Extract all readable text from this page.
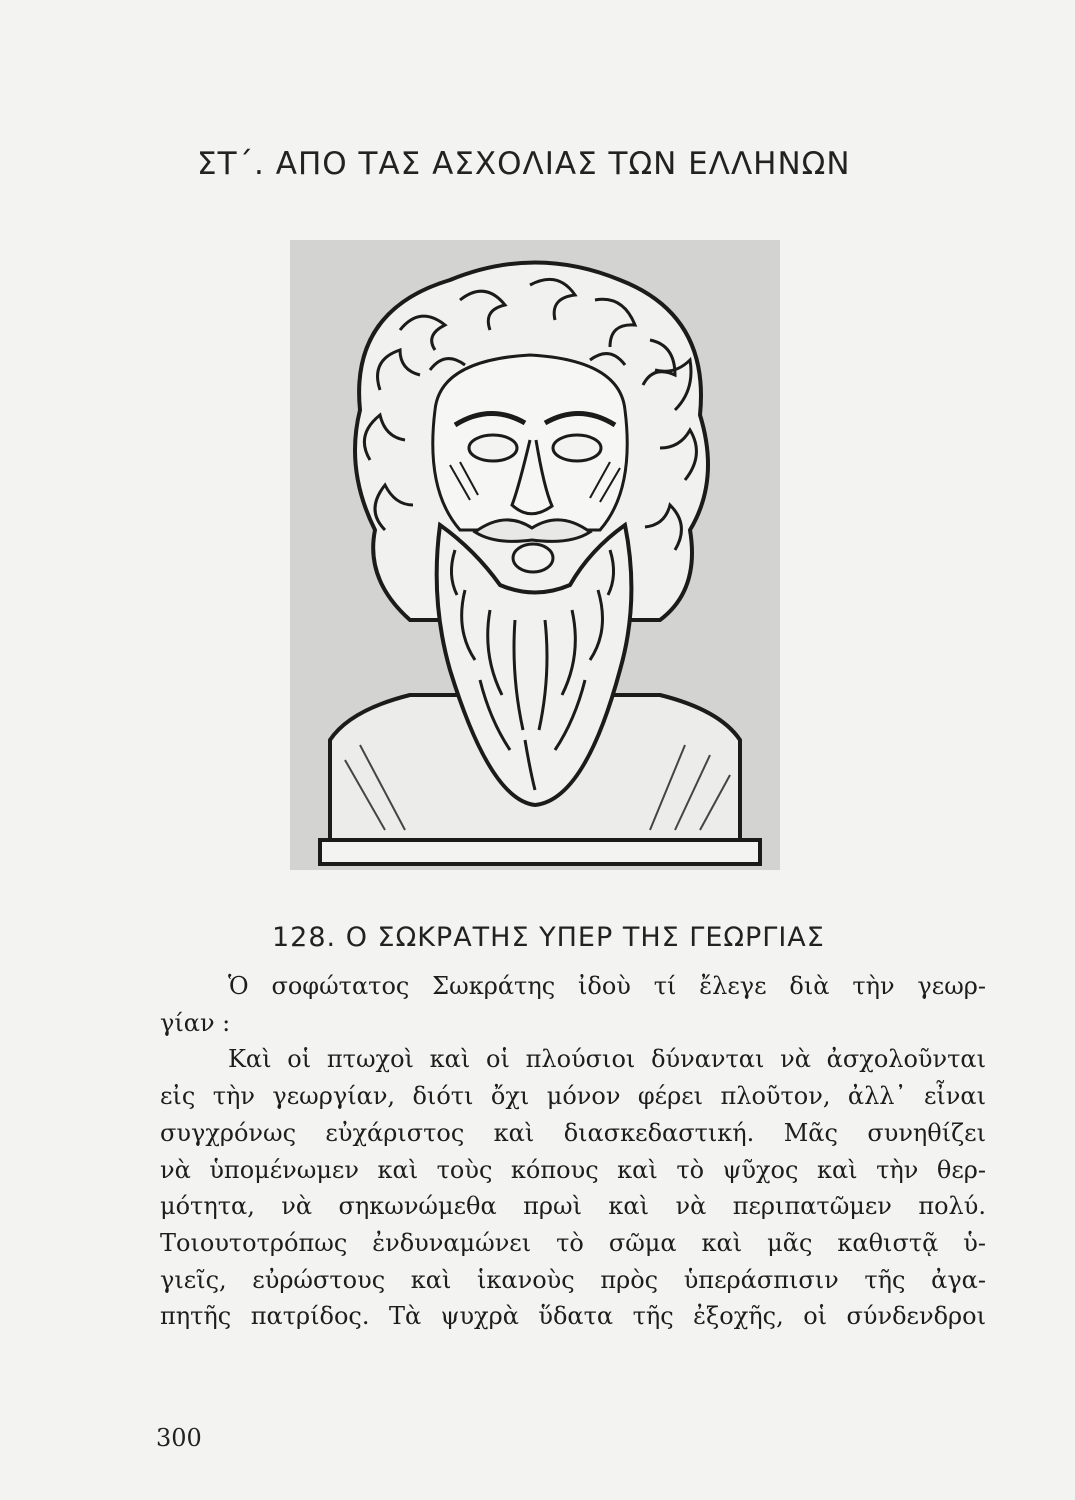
ΣΤ΄. ΑΠΟ ΤΑΣ ΑΣΧΟΛΙΑΣ ΤΩΝ ΕΛΛΗΝΩΝ
128. Ο ΣΩΚΡΑΤΗΣ ΥΠΕΡ ΤΗΣ ΓΕΩΡΓΙΑΣ
Ὁ σοφώτατος Σωκράτης ἰδοὺ τί ἔλεγε διὰ τὴν γεωρ-
γίαν :
Καὶ οἱ πτωχοὶ καὶ οἱ πλούσιοι δύνανται νὰ ἀσχολοῦνται
εἰς τὴν γεωργίαν, διότι ὄχι μόνον φέρει πλοῦτον, ἀλλ᾽ εἶναι
συγχρόνως εὐχάριστος καὶ διασκεδαστική. Μᾶς συνηθίζει
νὰ ὑπομένωμεν καὶ τοὺς κόπους καὶ τὸ ψῦχος καὶ τὴν θερ-
μότητα, νὰ σηκωνώμεθα πρωὶ καὶ νὰ περιπατῶμεν πολύ.
Τοιουτοτρόπως ἐνδυναμώνει τὸ σῶμα καὶ μᾶς καθιστᾷ ὑ-
γιεῖς, εὐρώστους καὶ ἱκανοὺς πρὸς ὑπεράσπισιν τῆς ἀγα-
πητῆς πατρίδος. Τὰ ψυχρὰ ὕδατα τῆς ἐξοχῆς, οἱ σύνδενδροι
300
